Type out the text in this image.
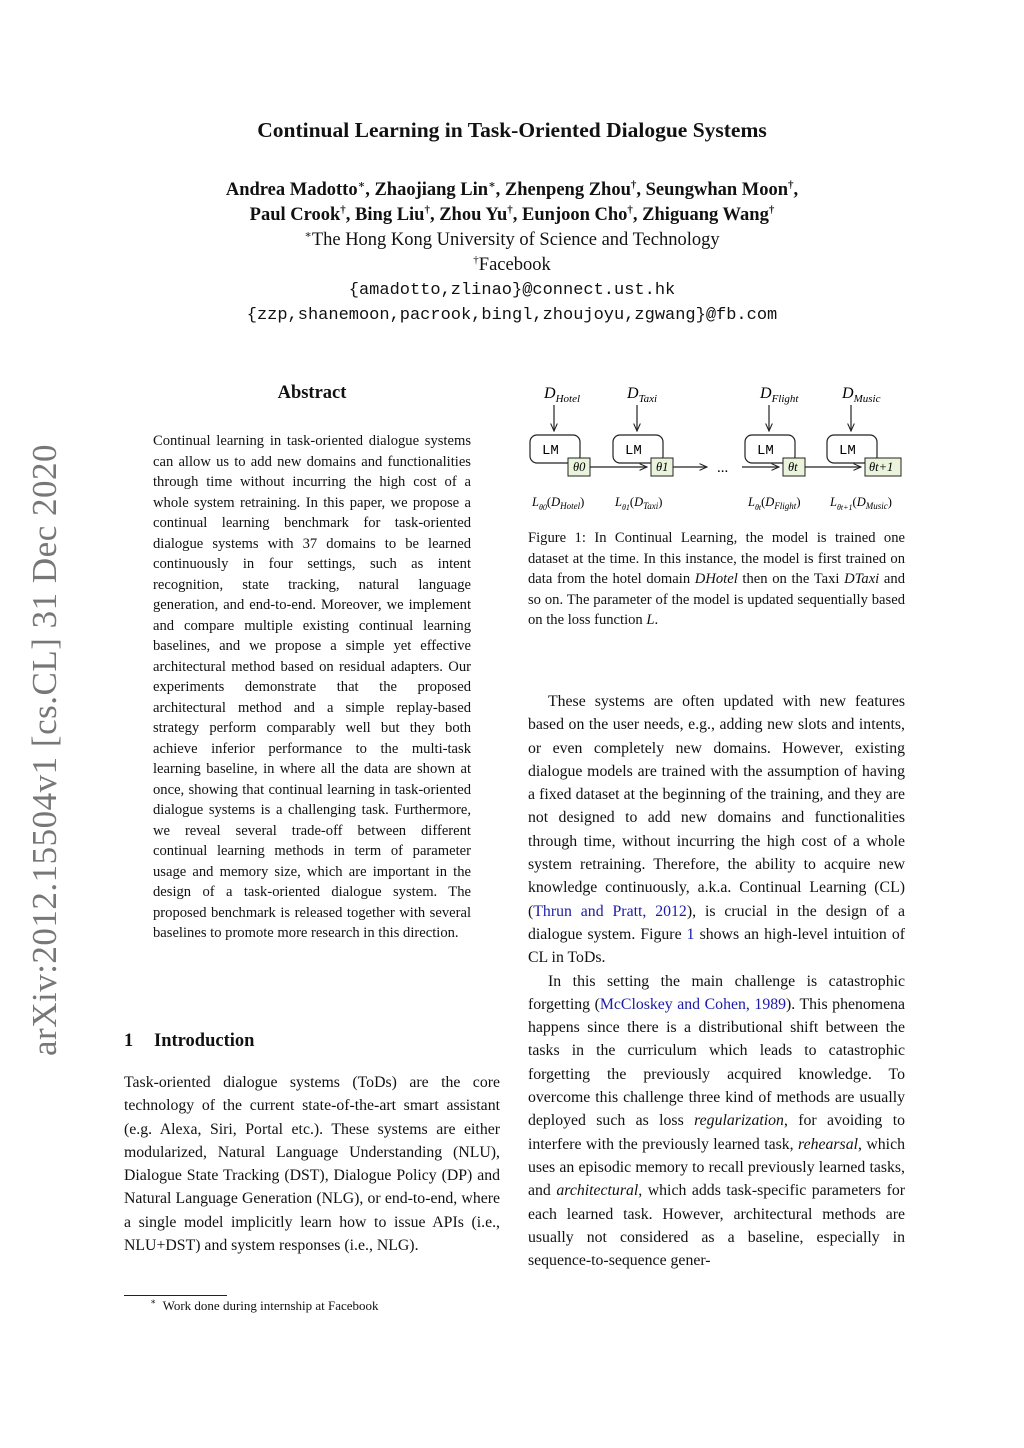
Continual Learning in Task-Oriented Dialogue Systems
Andrea Madotto∗, Zhaojiang Lin∗, Zhenpeng Zhou†, Seungwhan Moon†,
Paul Crook†, Bing Liu†, Zhou Yu†, Eunjoon Cho†, Zhiguang Wang†
∗The Hong Kong University of Science and Technology
†Facebook
{amadotto,zlinao}@connect.ust.hk
{zzp,shanemoon,pacrook,bingl,zhoujoyu,zgwang}@fb.com
arXiv:2012.15504v1 [cs.CL] 31 Dec 2020
Abstract
Continual learning in task-oriented dialogue systems can allow us to add new domains and functionalities through time without incurring the high cost of a whole system retraining. In this paper, we propose a continual learning benchmark for task-oriented dialogue systems with 37 domains to be learned continuously in four settings, such as intent recognition, state tracking, natural language generation, and end-to-end. Moreover, we implement and compare multiple existing continual learning baselines, and we propose a simple yet effective architectural method based on residual adapters. Our experiments demonstrate that the proposed architectural method and a simple replay-based strategy perform comparably well but they both achieve inferior performance to the multi-task learning baseline, in where all the data are shown at once, showing that continual learning in task-oriented dialogue systems is a challenging task. Furthermore, we reveal several trade-off between different continual learning methods in term of parameter usage and memory size, which are important in the design of a task-oriented dialogue system. The proposed benchmark is released together with several baselines to promote more research in this direction.
1 Introduction

Task-oriented dialogue systems (ToDs) are the core technology of the current state-of-the-art smart assistant (e.g. Alexa, Siri, Portal etc.). These systems are either modularized, Natural Language Understanding (NLU), Dialogue State Tracking (DST), Dialogue Policy (DP) and Natural Language Generation (NLG), or end-to-end, where a single model implicitly learn how to issue APIs (i.e., NLU+DST) and system responses (i.e., NLG).

∗ Work done during internship at Facebook
$D_{Hotel}$	$D_{Taxi}$	$D_{Flight}$	$D_{Music}$
LM	LM	LM	LM
θ0	θ1	θt	θt+1
...
$L_{\theta 0}(D_{Hotel})$ $L_{\theta 1}(D_{Taxi})$	$L_{\theta t}(D_{Flight})$ $L_{\theta t+1}(D_{Music})$
Figure 1: In Continual Learning, the model is trained one dataset at the time. In this instance, the model is first trained on data from the hotel domain DHotel then on the Taxi DTaxi and so on. The parameter of the model is updated sequentially based on the loss function L.

These systems are often updated with new features based on the user needs, e.g., adding new slots and intents, or even completely new domains. However, existing dialogue models are trained with the assumption of having a fixed dataset at the beginning of the training, and they are not designed to add new domains and functionalities through time, without incurring the high cost of a whole system retraining. Therefore, the ability to acquire new knowledge continuously, a.k.a. Continual Learning (CL) (Thrun and Pratt, 2012), is crucial in the design of a dialogue system. Figure 1 shows an high-level intuition of CL in ToDs.

In this setting the main challenge is catastrophic forgetting (McCloskey and Cohen, 1989). This phenomena happens since there is a distributional shift between the tasks in the curriculum which leads to catastrophic forgetting the previously acquired knowledge. To overcome this challenge three kind of methods are usually deployed such as loss regularization, for avoiding to interfere with the previously learned task, rehearsal, which uses an episodic memory to recall previously learned tasks, and architectural, which adds task-specific parameters for each learned task. However, architectural methods are usually not considered as a baseline, especially in sequence-to-sequence gener-
